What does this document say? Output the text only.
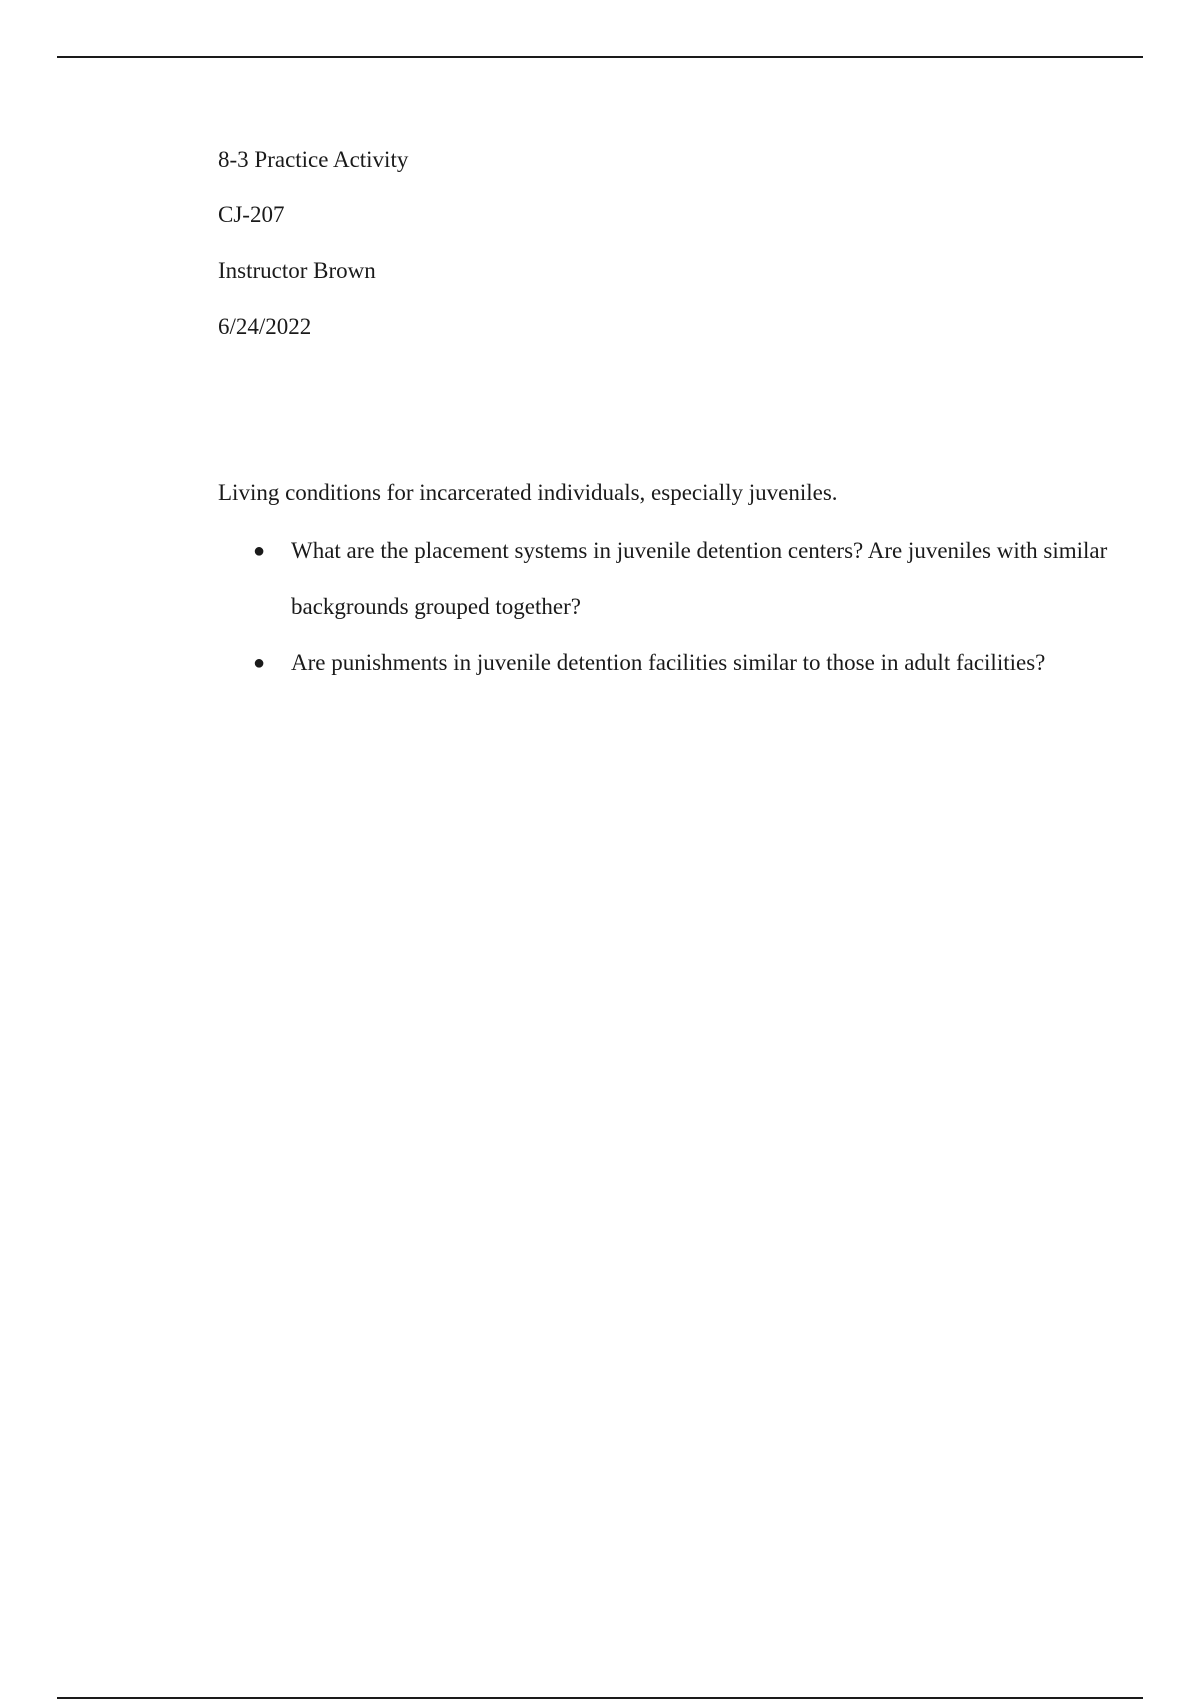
8-3 Practice Activity
CJ-207
Instructor Brown
6/24/2022
Living conditions for incarcerated individuals, especially juveniles.
● What are the placement systems in juvenile detention centers? Are juveniles with similar backgrounds grouped together?
● Are punishments in juvenile detention facilities similar to those in adult facilities?
